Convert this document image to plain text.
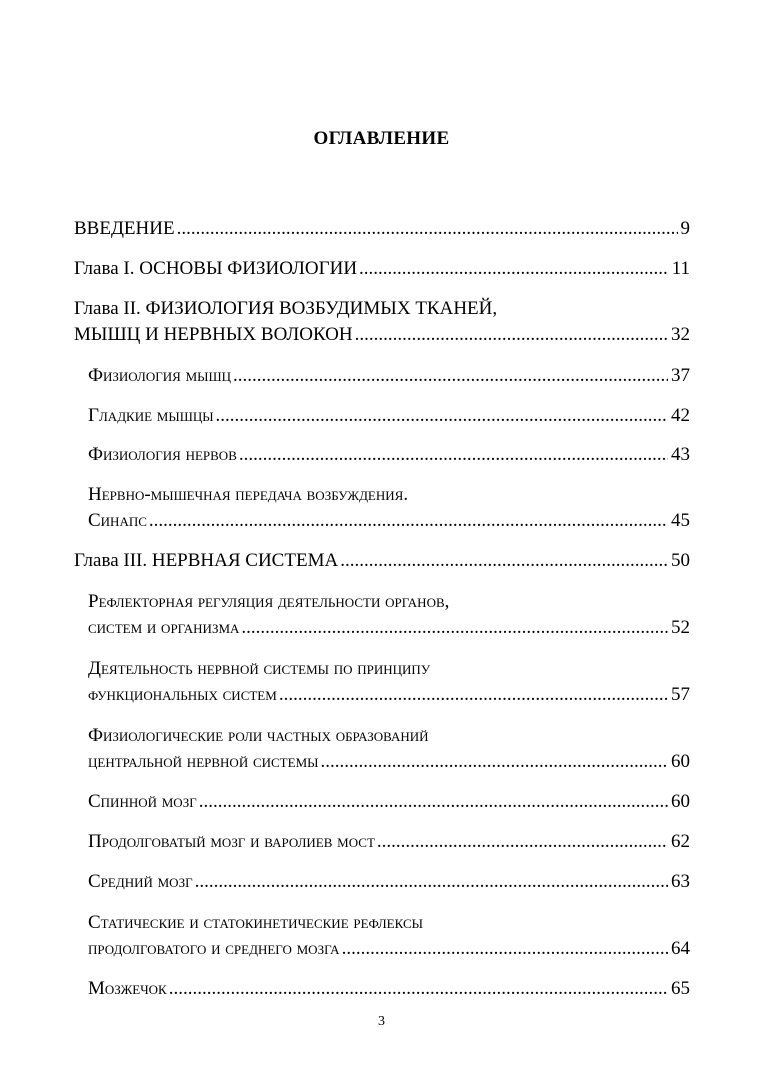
ОГЛАВЛЕНИЕ
ВВЕДЕНИЕ .....	9
Глава I. ОСНОВЫ ФИЗИОЛОГИИ .....	11
Глава II. ФИЗИОЛОГИЯ ВОЗБУДИМЫХ ТКАНЕЙ,
МЫШЦ И НЕРВНЫХ ВОЛОКОН .....	32
Физиология мышц .....	37
Гладкие мышцы .....	42
Физиология нервов .....	43
Нервно-мышечная передача возбуждения.
Синапс .....	45
Глава III. НЕРВНАЯ СИСТЕМА .....	50
Рефлекторная регуляция деятельности органов,
систем и организма .....	52
Деятельность нервной системы по принципу
функциональных систем .....	57
Физиологические роли частных образований
центральной нервной системы .....	60
Спинной мозг .....	60
Продолговатый мозг и варолиев мост .....	62
Средний мозг .....	63
Статические и статокинетические рефлексы
продолговатого и среднего мозга .....	64
Мозжечок .....	65
3
